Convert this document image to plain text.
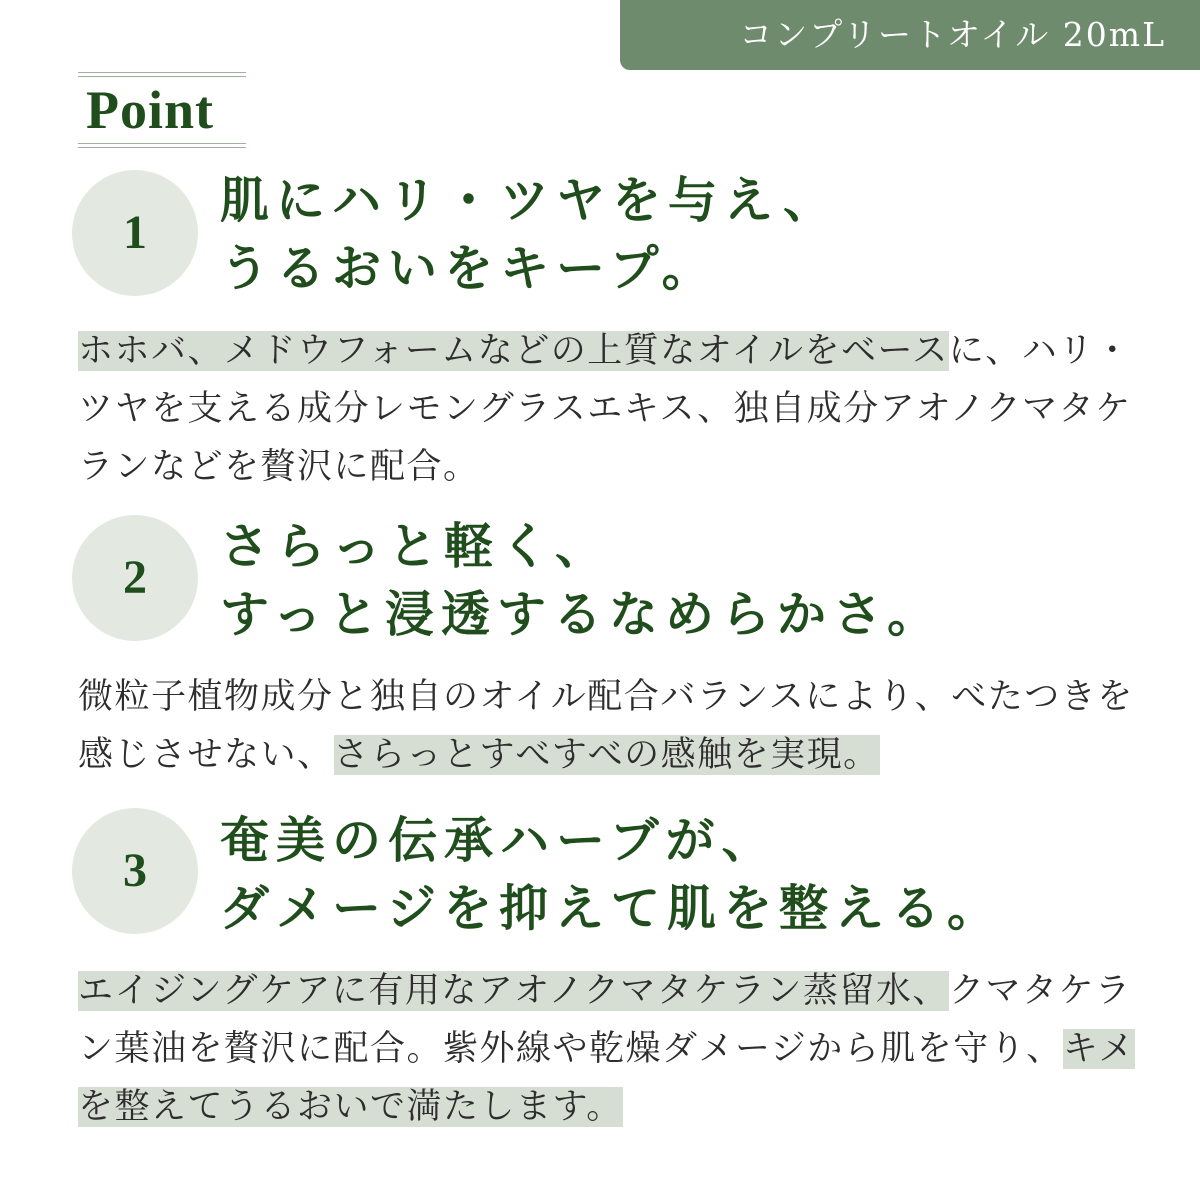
コンプリートオイル 20mL
Point
1
肌にハリ・ツヤを与え、
うるおいをキープ。
ホホバ、メドウフォームなどの上質なオイルをベースに、ハリ・ツヤを支える成分レモングラスエキス、独自成分アオノクマタケランなどを贅沢に配合。
2
さらっと軽く、
すっと浸透するなめらかさ。
微粒子植物成分と独自のオイル配合バランスにより、べたつきを感じさせない、さらっとすべすべの感触を実現。
3
奄美の伝承ハーブが、
ダメージを抑えて肌を整える。
エイジングケアに有用なアオノクマタケラン蒸留水、クマタケラン葉油を贅沢に配合。紫外線や乾燥ダメージから肌を守り、キメを整えてうるおいで満たします。
